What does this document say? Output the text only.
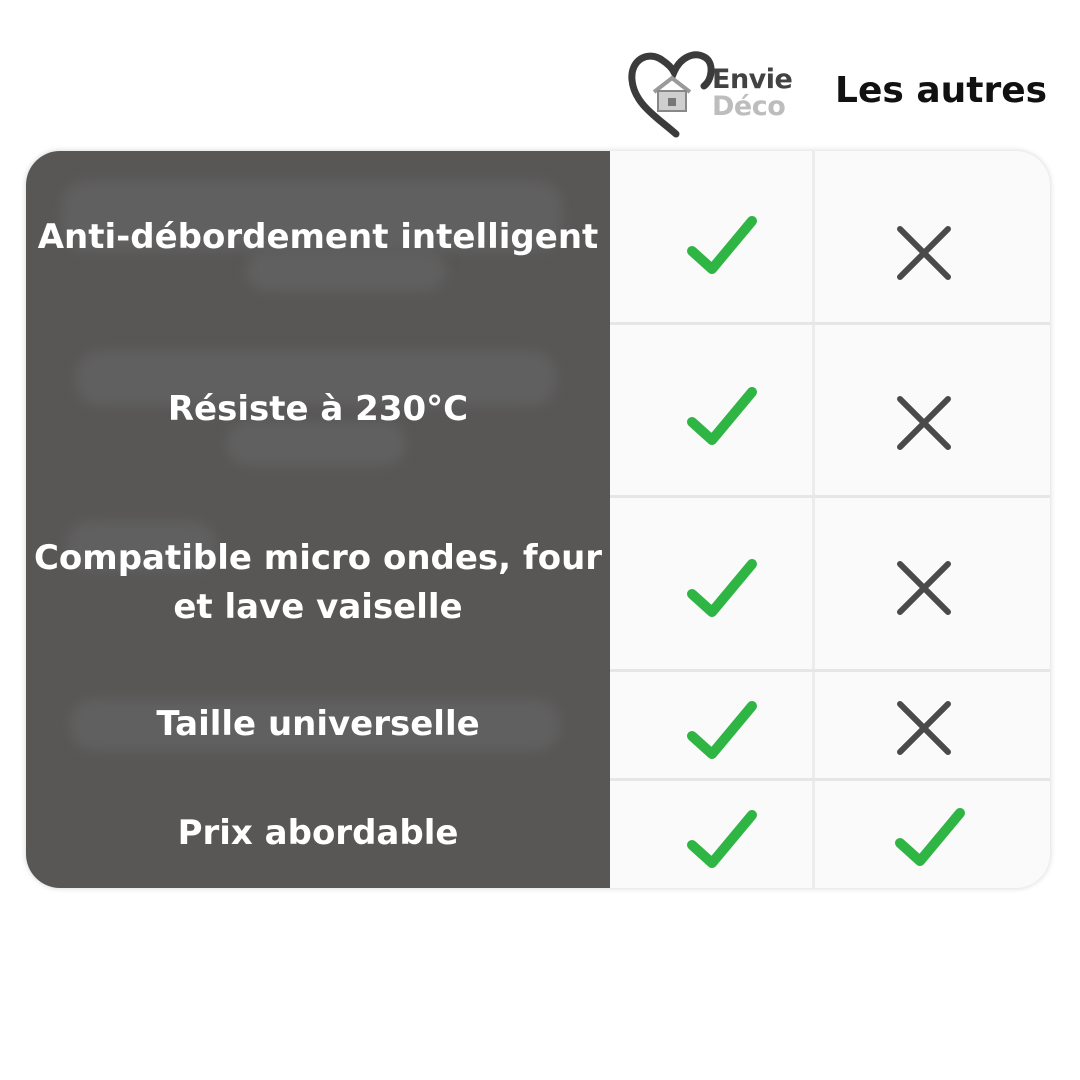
Envie
Déco Les autres
Anti-débordement intelligent
Résiste à 230°C
Compatible micro ondes, four et lave vaiselle
Taille universelle
Prix abordable
